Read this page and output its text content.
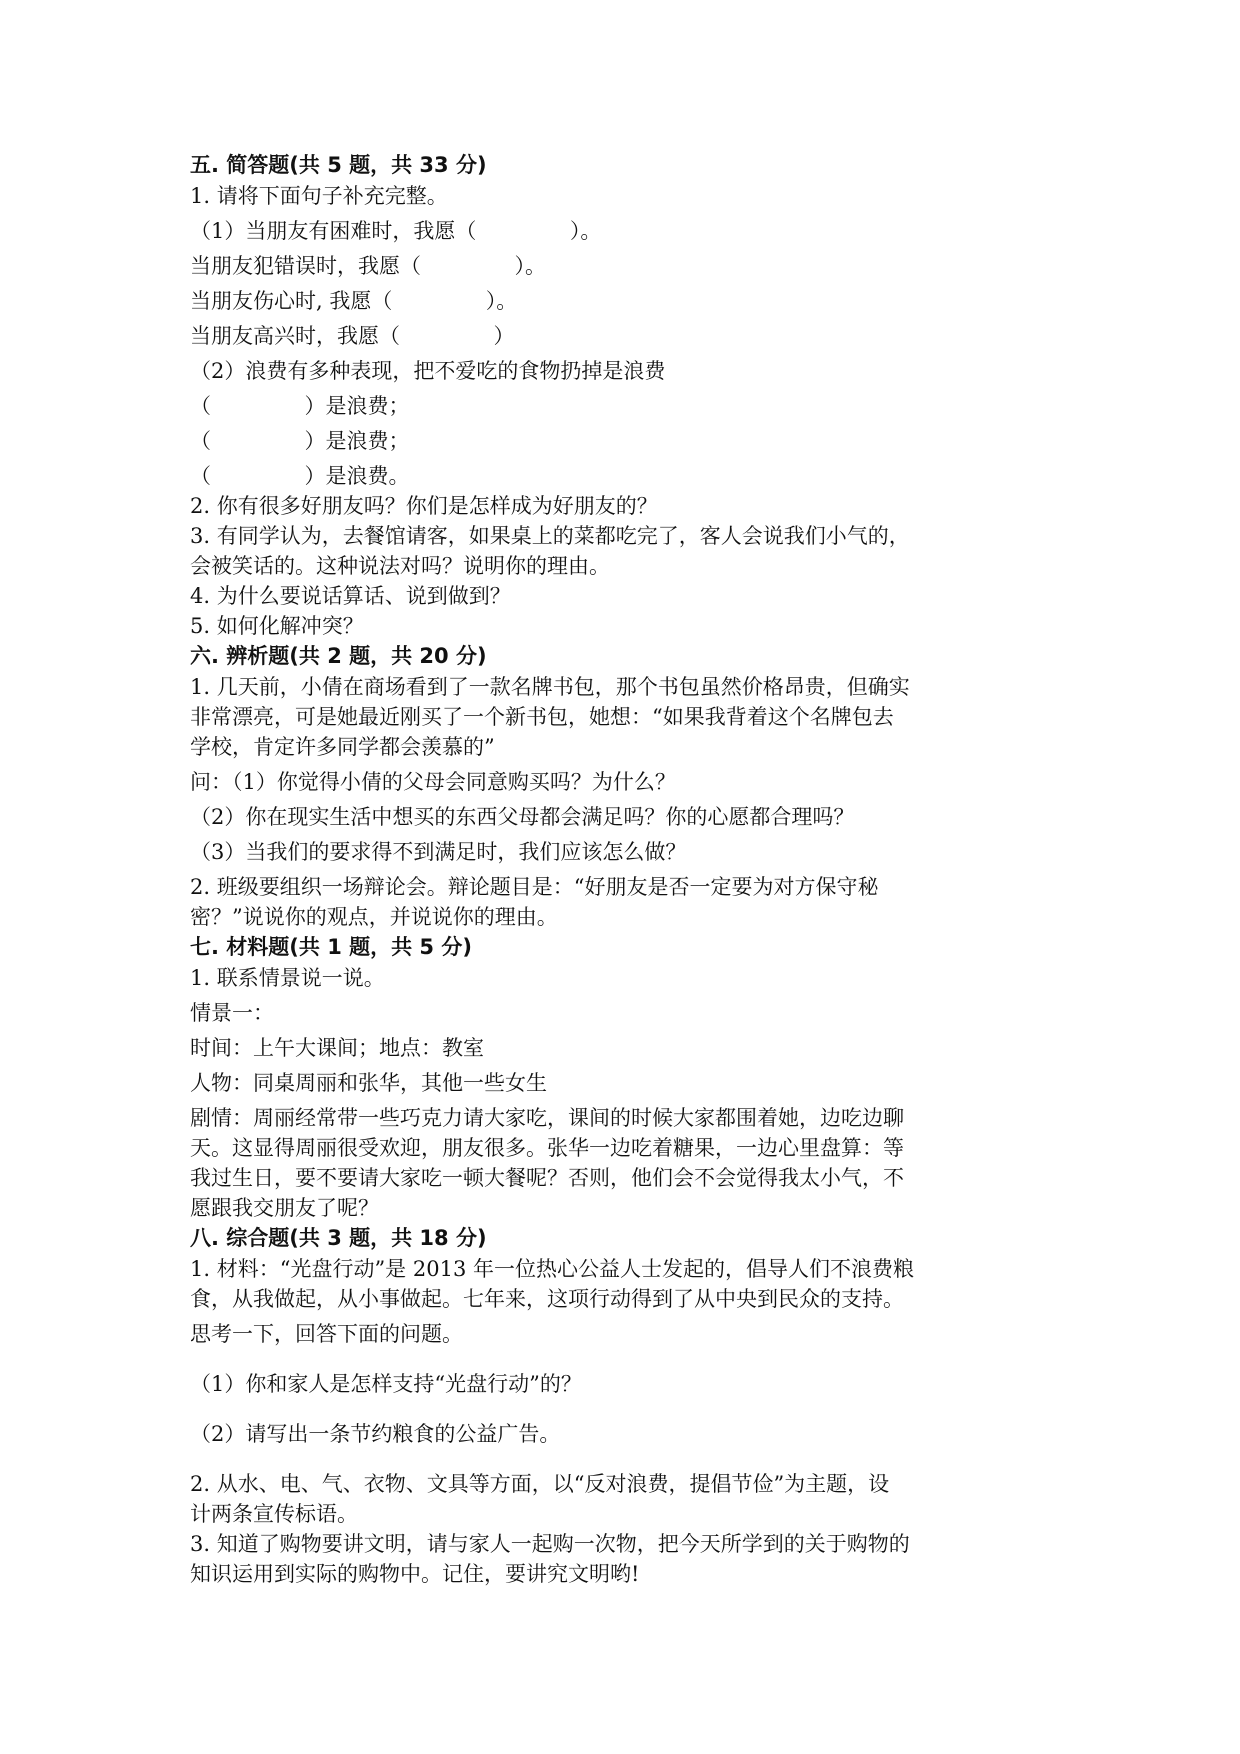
五. 简答题(共 5 题，共 33 分)
1. 请将下面句子补充完整。
（1）当朋友有困难时，我愿（              ）。
当朋友犯错误时，我愿（              ）。
当朋友伤心时, 我愿（              ）。
当朋友高兴时，我愿（              ）
（2）浪费有多种表现，把不爱吃的食物扔掉是浪费
（              ）是浪费；
（              ）是浪费；
（              ）是浪费。
2. 你有很多好朋友吗？你们是怎样成为好朋友的？
3. 有同学认为，去餐馆请客，如果桌上的菜都吃完了，客人会说我们小气的，
会被笑话的。这种说法对吗？说明你的理由。
4. 为什么要说话算话、说到做到？
5. 如何化解冲突？
六. 辨析题(共 2 题，共 20 分)
1. 几天前，小倩在商场看到了一款名牌书包，那个书包虽然价格昂贵，但确实
非常漂亮，可是她最近刚买了一个新书包，她想：“如果我背着这个名牌包去
学校，肯定许多同学都会羡慕的”
问：（1）你觉得小倩的父母会同意购买吗？为什么？
（2）你在现实生活中想买的东西父母都会满足吗？你的心愿都合理吗？
（3）当我们的要求得不到满足时，我们应该怎么做？
2. 班级要组织一场辩论会。辩论题目是：“好朋友是否一定要为对方保守秘
密？”说说你的观点，并说说你的理由。
七. 材料题(共 1 题，共 5 分)
1. 联系情景说一说。
情景一：
时间：上午大课间；地点：教室
人物：同桌周丽和张华，其他一些女生
剧情：周丽经常带一些巧克力请大家吃，课间的时候大家都围着她，边吃边聊
天。这显得周丽很受欢迎，朋友很多。张华一边吃着糖果，一边心里盘算：等
我过生日，要不要请大家吃一顿大餐呢？否则，他们会不会觉得我太小气，不
愿跟我交朋友了呢？
八. 综合题(共 3 题，共 18 分)
1. 材料：“光盘行动”是 2013 年一位热心公益人士发起的，倡导人们不浪费粮
食，从我做起，从小事做起。七年来，这项行动得到了从中央到民众的支持。
思考一下，回答下面的问题。
（1）你和家人是怎样支持“光盘行动”的？
（2）请写出一条节约粮食的公益广告。
2. 从水、电、气、衣物、文具等方面，以“反对浪费，提倡节俭”为主题，设
计两条宣传标语。
3. 知道了购物要讲文明，请与家人一起购一次物，把今天所学到的关于购物的
知识运用到实际的购物中。记住，要讲究文明哟!
